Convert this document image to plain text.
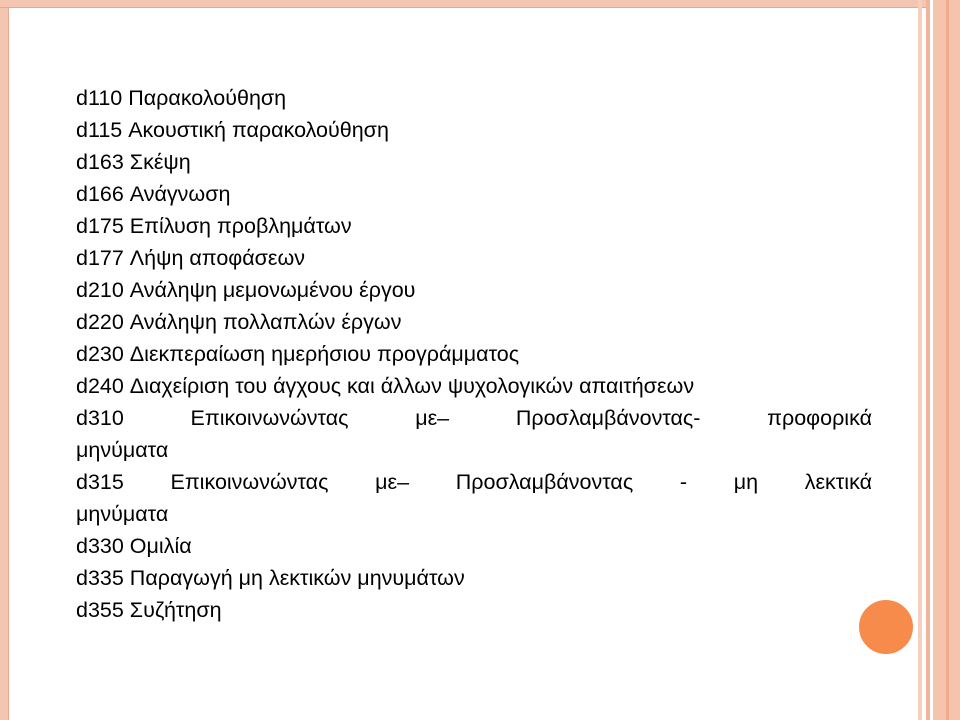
d110 Παρακολούθηση

d115 Ακουστική παρακολούθηση

d163 Σκέψη

d166 Ανάγνωση

d175 Επίλυση προβλημάτων

d177 Λήψη αποφάσεων

d210 Ανάληψη μεμονωμένου έργου

d220 Ανάληψη πολλαπλών έργων

d230 Διεκπεραίωση ημερήσιου προγράμματος

d240 Διαχείριση του άγχους και άλλων ψυχολογικών απαιτήσεων

d310 Επικοινωνώντας με– Προσλαμβάνοντας- προφορικά
μηνύματα

d315 Επικοινωνώντας με– Προσλαμβάνοντας - μη λεκτικά
μηνύματα

d330 Ομιλία

d335 Παραγωγή μη λεκτικών μηνυμάτων

d355 Συζήτηση
